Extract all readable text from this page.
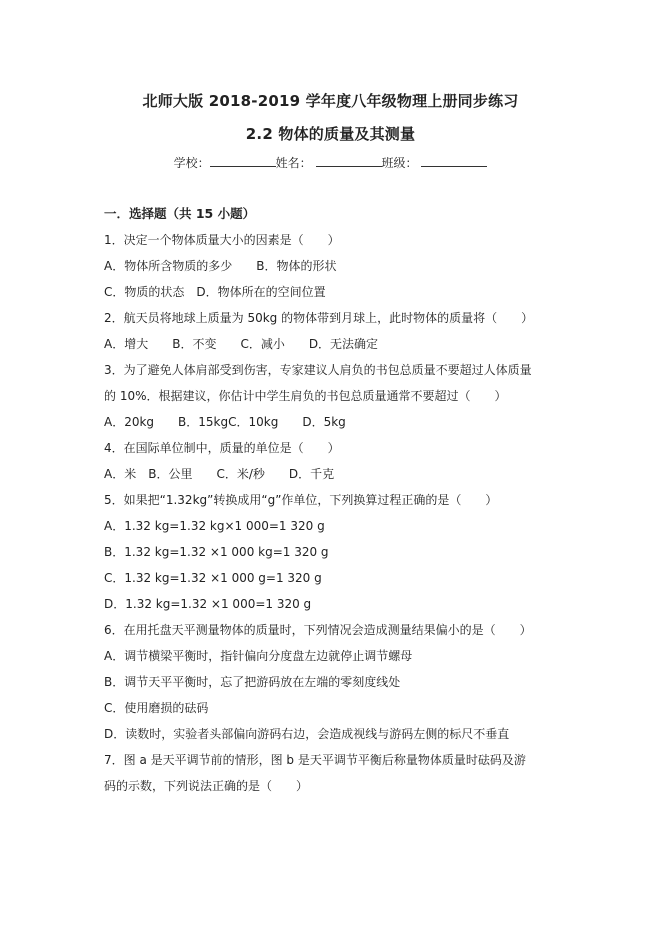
北师大版 2018-2019 学年度八年级物理上册同步练习
2.2 物体的质量及其测量
学校：	姓名：	班级：
一．选择题（共 15 小题）
1．决定一个物体质量大小的因素是（　　）
A．物体所含物质的多少　　B．物体的形状
C．物质的状态　D．物体所在的空间位置
2．航天员将地球上质量为 50kg 的物体带到月球上，此时物体的质量将（　　）
A．增大　　B．不变　　C．减小　　D．无法确定
3．为了避免人体肩部受到伤害，专家建议人肩负的书包总质量不要超过人体质量
的 10%．根据建议，你估计中学生肩负的书包总质量通常不要超过（　　）
A．20kg　　B．15kgC．10kg　　D．5kg
4．在国际单位制中，质量的单位是（　　）
A．米　B．公里　　C．米/秒　　D．千克
5．如果把“1.32kg”转换成用“g”作单位，下列换算过程正确的是（　　）
A．1.32 kg=1.32 kg×1 000=1 320 g
B．1.32 kg=1.32 ×1 000 kg=1 320 g
C．1.32 kg=1.32 ×1 000 g=1 320 g
D．1.32 kg=1.32 ×1 000=1 320 g
6．在用托盘天平测量物体的质量时，下列情况会造成测量结果偏小的是（　　）
A．调节横梁平衡时，指针偏向分度盘左边就停止调节螺母
B．调节天平平衡时，忘了把游码放在左端的零刻度线处
C．使用磨损的砝码
D．读数时，实验者头部偏向游码右边，会造成视线与游码左侧的标尺不垂直
7．图 a 是天平调节前的情形，图 b 是天平调节平衡后称量物体质量时砝码及游
码的示数，下列说法正确的是（　　）
